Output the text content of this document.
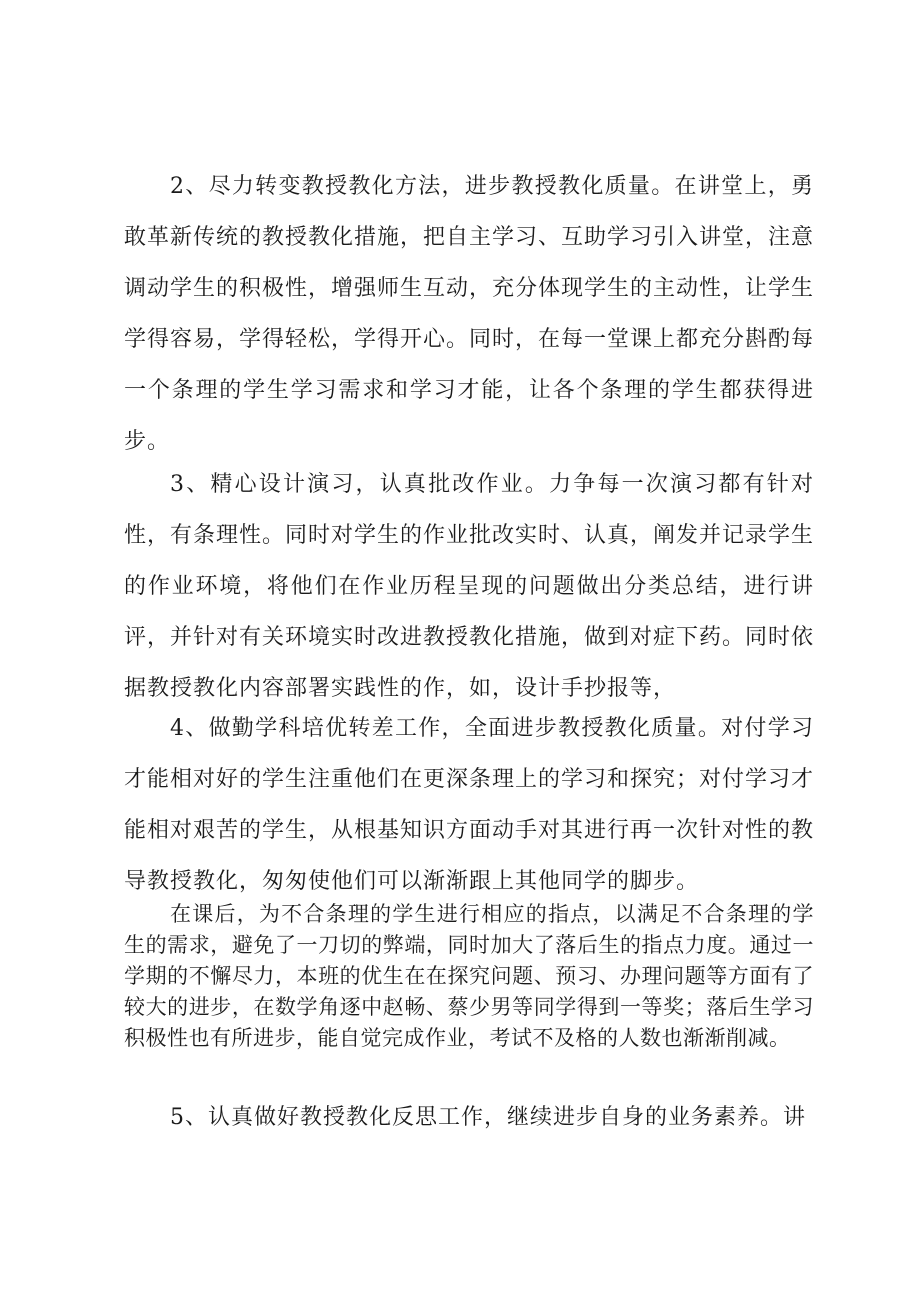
2、尽力转变教授教化方法，进步教授教化质量。在讲堂上，勇敢革新传统的教授教化措施，把自主学习、互助学习引入讲堂，注意调动学生的积极性，增强师生互动，充分体现学生的主动性，让学生学得容易，学得轻松，学得开心。同时，在每一堂课上都充分斟酌每一个条理的学生学习需求和学习才能，让各个条理的学生都获得进步。

3、精心设计演习，认真批改作业。力争每一次演习都有针对性，有条理性。同时对学生的作业批改实时、认真，阐发并记录学生的作业环境，将他们在作业历程呈现的问题做出分类总结，进行讲评，并针对有关环境实时改进教授教化措施，做到对症下药。同时依据教授教化内容部署实践性的作，如，设计手抄报等，

4、做勤学科培优转差工作，全面进步教授教化质量。对付学习才能相对好的学生注重他们在更深条理上的学习和探究；对付学习才能相对艰苦的学生，从根基知识方面动手对其进行再一次针对性的教导教授教化，匆匆使他们可以渐渐跟上其他同学的脚步。

在课后，为不合条理的学生进行相应的指点，以满足不合条理的学生的需求，避免了一刀切的弊端，同时加大了落后生的指点力度。通过一学期的不懈尽力，本班的优生在在探究问题、预习、办理问题等方面有了较大的进步，在数学角逐中赵畅、蔡少男等同学得到一等奖；落后生学习积极性也有所进步，能自觉完成作业，考试不及格的人数也渐渐削减。

5、认真做好教授教化反思工作，继续进步自身的业务素养。讲
